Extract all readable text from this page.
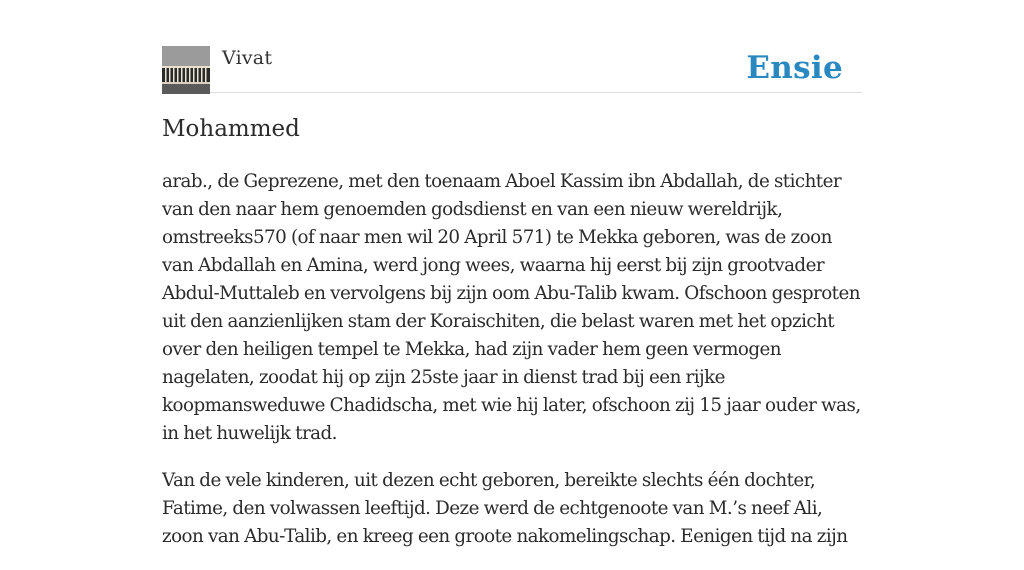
Vivat	Ensie
Mohammed

arab., de Geprezene, met den toenaam Aboel Kassim ibn Abdallah, de stichter van den naar hem genoemden godsdienst en van een nieuw wereldrijk, omstreeks570 (of naar men wil 20 April 571) te Mekka geboren, was de zoon van Abdallah en Amina, werd jong wees, waarna hij eerst bij zijn grootvader Abdul-Muttaleb en vervolgens bij zijn oom Abu-Talib kwam. Ofschoon gesproten uit den aanzienlijken stam der Koraischiten, die belast waren met het opzicht over den heiligen tempel te Mekka, had zijn vader hem geen vermogen nagelaten, zoodat hij op zijn 25ste jaar in dienst trad bij een rijke koopmansweduwe Chadidscha, met wie hij later, ofschoon zij 15 jaar ouder was, in het huwelijk trad.

Van de vele kinderen, uit dezen echt geboren, bereikte slechts één dochter, Fatime, den volwassen leeftijd. Deze werd de echtgenoote van M.’s neef Ali, zoon van Abu-Talib, en kreeg een groote nakomelingschap. Eenigen tijd na zijn
